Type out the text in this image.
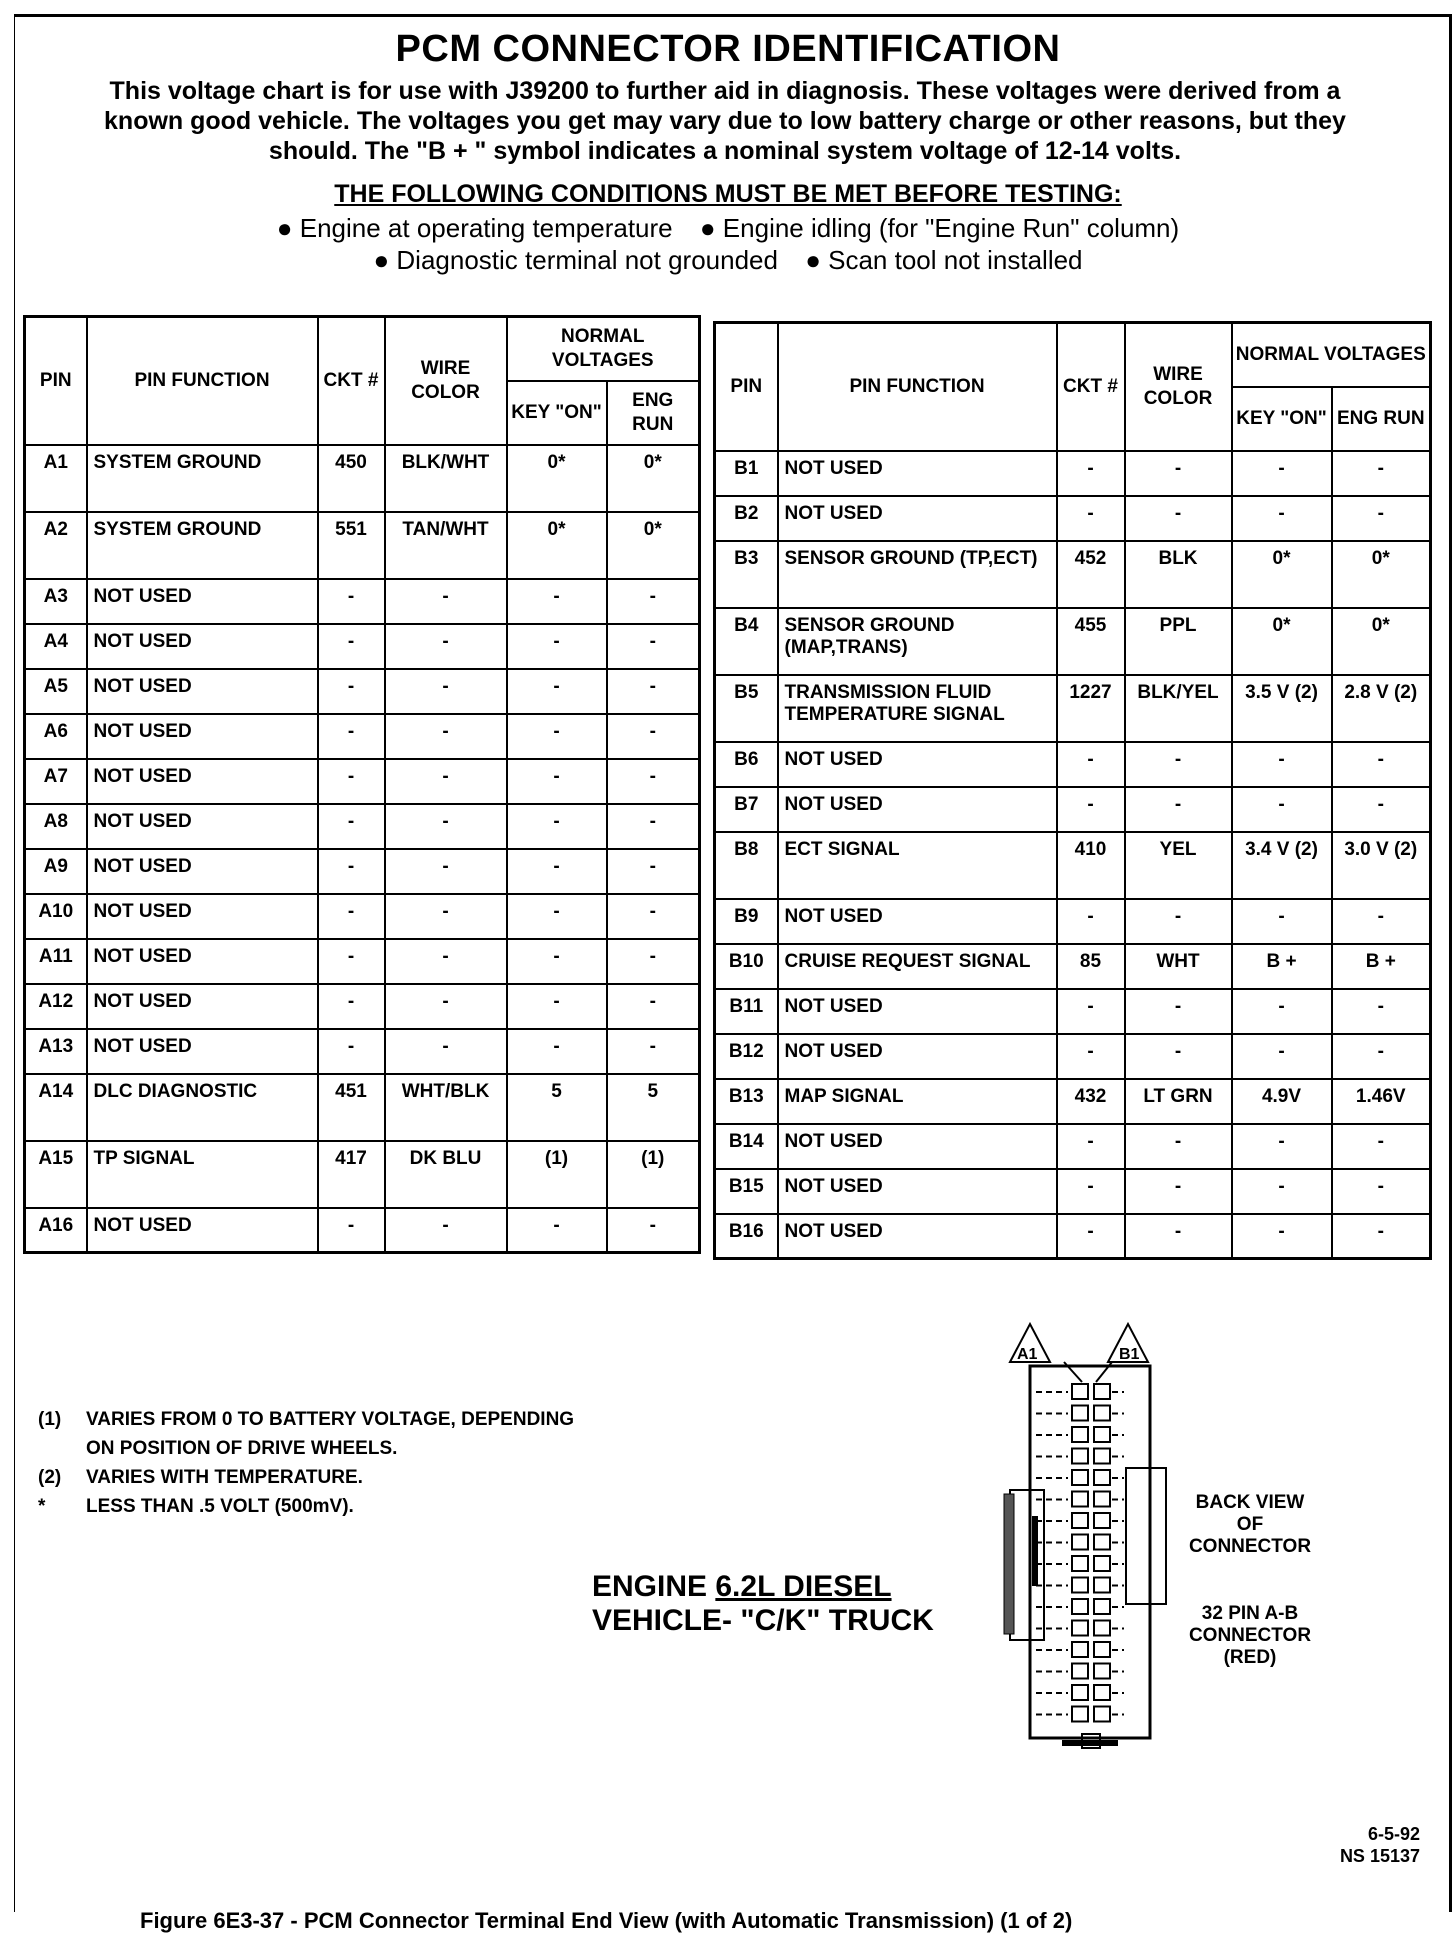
PCM CONNECTOR IDENTIFICATION
This voltage chart is for use with J39200 to further aid in diagnosis. These voltages were derived from a known good vehicle. The voltages you get may vary due to low battery charge or other reasons, but they should. The "B + " symbol indicates a nominal system voltage of 12-14 volts.
THE FOLLOWING CONDITIONS MUST BE MET BEFORE TESTING:
● Engine at operating temperature ● Engine idling (for "Engine Run" column)
● Diagnostic terminal not grounded ● Scan tool not installed
PIN	PIN FUNCTION	CKT #	WIRE COLOR	NORMAL VOLTAGES	
				KEY "ON"	ENG RUN
A1	SYSTEM GROUND	450	BLK/WHT	0*	0*
A2	SYSTEM GROUND	551	TAN/WHT	0*	0*
A3	NOT USED	-	-	-	-
A4	NOT USED	-	-	-	-
A5	NOT USED	-	-	-	-
A6	NOT USED	-	-	-	-
A7	NOT USED	-	-	-	-
A8	NOT USED	-	-	-	-
A9	NOT USED	-	-	-	-
A10	NOT USED	-	-	-	-
A11	NOT USED	-	-	-	-
A12	NOT USED	-	-	-	-
A13	NOT USED	-	-	-	-
A14	DLC DIAGNOSTIC	451	WHT/BLK	5	5
A15	TP SIGNAL	417	DK BLU	(1)	(1)
A16	NOT USED	-	-	-	-
PIN	PIN FUNCTION	CKT #	WIRE COLOR	NORMAL VOLTAGES	
				KEY "ON"	ENG RUN
B1	NOT USED	-	-	-	-
B2	NOT USED	-	-	-	-
B3	SENSOR GROUND (TP,ECT)	452	BLK	0*	0*
B4	SENSOR GROUND (MAP,TRANS)	455	PPL	0*	0*
B5	TRANSMISSION FLUID TEMPERATURE SIGNAL	1227	BLK/YEL	3.5 V (2)	2.8 V (2)
B6	NOT USED	-	-	-	-
B7	NOT USED	-	-	-	-
B8	ECT SIGNAL	410	YEL	3.4 V (2)	3.0 V (2)
B9	NOT USED	-	-	-	-
B10	CRUISE REQUEST SIGNAL	85	WHT	B +	B +
B11	NOT USED	-	-	-	-
B12	NOT USED	-	-	-	-
B13	MAP SIGNAL	432	LT GRN	4.9V	1.46V
B14	NOT USED	-	-	-	-
B15	NOT USED	-	-	-	-
B16	NOT USED	-	-	-	-
(1)	VARIES FROM 0 TO BATTERY VOLTAGE, DEPENDING
ON POSITION OF DRIVE WHEELS.
(2)	VARIES WITH TEMPERATURE.
*	LESS THAN .5 VOLT (500mV).
ENGINE 6.2L DIESEL
VEHICLE- "C/K" TRUCK
A1	B1
BACK VIEW
OF
CONNECTOR
32 PIN A-B
CONNECTOR
(RED)
6-5-92
NS 15137
Figure 6E3-37 - PCM Connector Terminal End View (with Automatic Transmission) (1 of 2)
